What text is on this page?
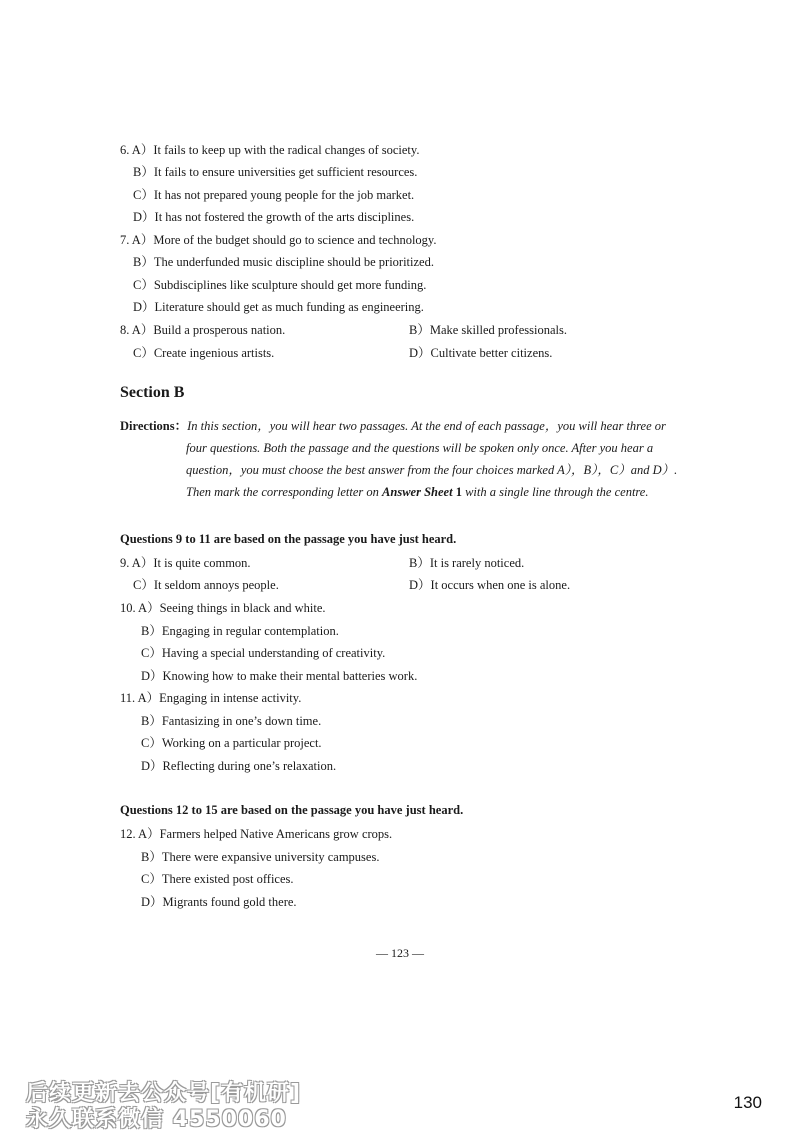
6. A）It fails to keep up with the radical changes of society.
B）It fails to ensure universities get sufficient resources.
C）It has not prepared young people for the job market.
D）It has not fostered the growth of the arts disciplines.
7. A）More of the budget should go to science and technology.
B）The underfunded music discipline should be prioritized.
C）Subdisciplines like sculpture should get more funding.
D）Literature should get as much funding as engineering.
8. A）Build a prosperous nation.	B）Make skilled professionals.
C）Create ingenious artists.	D）Cultivate better citizens.
Section B
Directions：In this section，you will hear two passages. At the end of each passage，you will hear three or
four questions. Both the passage and the questions will be spoken only once. After you hear a
question，you must choose the best answer from the four choices marked A），B），C）and D）.
Then mark the corresponding letter on Answer Sheet 1 with a single line through the centre.
Questions 9 to 11 are based on the passage you have just heard.
9. A）It is quite common.	B）It is rarely noticed.
C）It seldom annoys people.	D）It occurs when one is alone.
10. A）Seeing things in black and white.
B）Engaging in regular contemplation.
C）Having a special understanding of creativity.
D）Knowing how to make their mental batteries work.
11. A）Engaging in intense activity.
B）Fantasizing in one’s down time.
C）Working on a particular project.
D）Reflecting during one’s relaxation.
Questions 12 to 15 are based on the passage you have just heard.
12. A）Farmers helped Native Americans grow crops.
B）There were expansive university campuses.
C）There existed post offices.
D）Migrants found gold there.
— 123 —
后续更新去公众号[有机研]
永久联系微信 4550060
130
